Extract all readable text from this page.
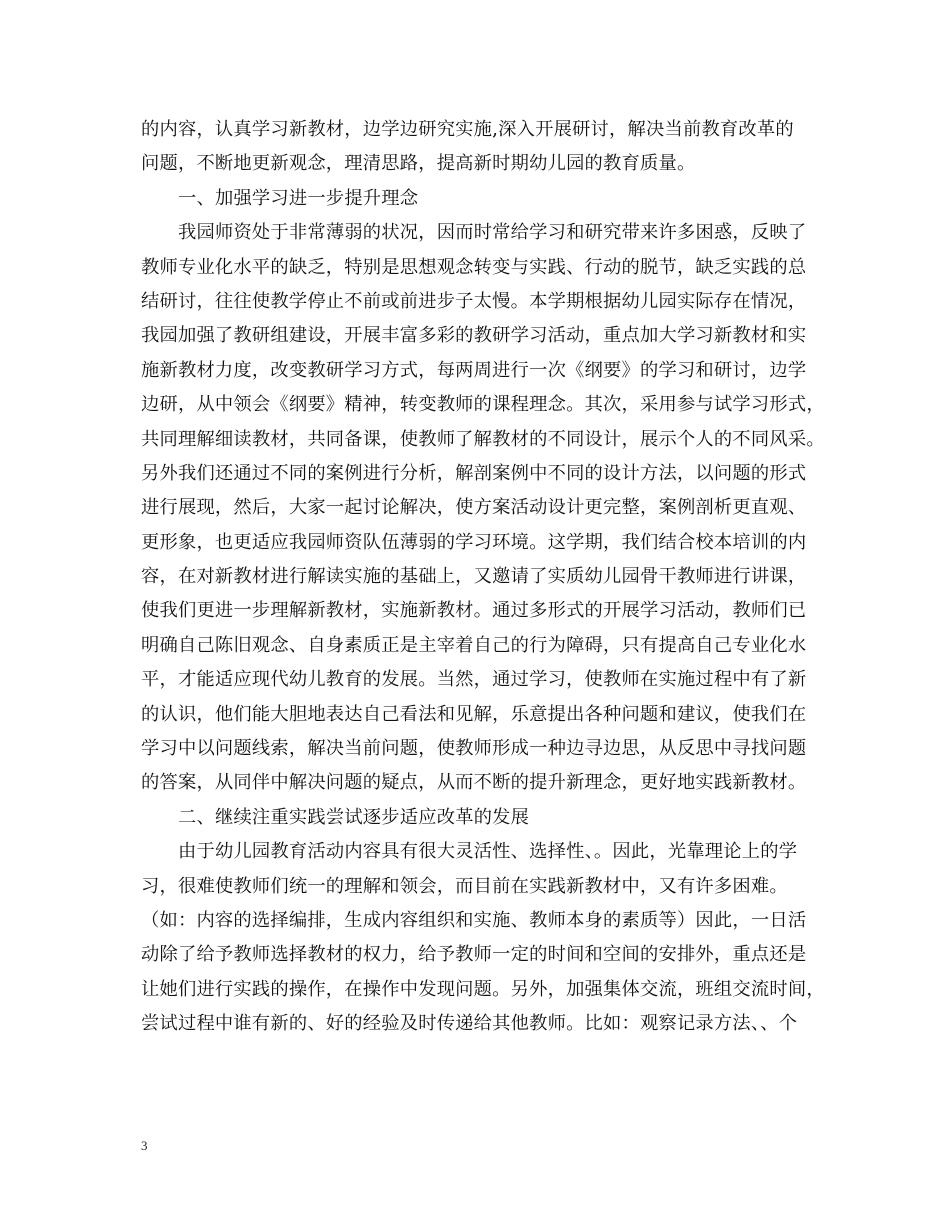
的内容，认真学习新教材，边学边研究实施,深入开展研讨，解决当前教育改革的
问题，不断地更新观念，理清思路，提高新时期幼儿园的教育质量。
一、加强学习进一步提升理念
我园师资处于非常薄弱的状况，因而时常给学习和研究带来许多困惑，反映了
教师专业化水平的缺乏，特别是思想观念转变与实践、行动的脱节，缺乏实践的总
结研讨，往往使教学停止不前或前进步子太慢。本学期根据幼儿园实际存在情况，
我园加强了教研组建设，开展丰富多彩的教研学习活动，重点加大学习新教材和实
施新教材力度，改变教研学习方式，每两周进行一次《纲要》的学习和研讨，边学
边研，从中领会《纲要》精神，转变教师的课程理念。其次，采用参与试学习形式，
共同理解细读教材，共同备课，使教师了解教材的不同设计，展示个人的不同风采。
另外我们还通过不同的案例进行分析，解剖案例中不同的设计方法，以问题的形式
进行展现，然后，大家一起讨论解决，使方案活动设计更完整，案例剖析更直观、
更形象，也更适应我园师资队伍薄弱的学习环境。这学期，我们结合校本培训的内
容，在对新教材进行解读实施的基础上，又邀请了实质幼儿园骨干教师进行讲课，
使我们更进一步理解新教材，实施新教材。通过多形式的开展学习活动，教师们已
明确自己陈旧观念、自身素质正是主宰着自己的行为障碍，只有提高自己专业化水
平，才能适应现代幼儿教育的发展。当然，通过学习，使教师在实施过程中有了新
的认识，他们能大胆地表达自己看法和见解，乐意提出各种问题和建议，使我们在
学习中以问题线索，解决当前问题，使教师形成一种边寻边思，从反思中寻找问题
的答案，从同伴中解决问题的疑点，从而不断的提升新理念，更好地实践新教材。
二、继续注重实践尝试逐步适应改革的发展
由于幼儿园教育活动内容具有很大灵活性、选择性、。因此，光靠理论上的学
习，很难使教师们统一的理解和领会，而目前在实践新教材中，又有许多困难。
（如：内容的选择编排，生成内容组织和实施、教师本身的素质等）因此，一日活
动除了给予教师选择教材的权力，给予教师一定的时间和空间的安排外，重点还是
让她们进行实践的操作，在操作中发现问题。另外，加强集体交流，班组交流时间，
尝试过程中谁有新的、好的经验及时传递给其他教师。比如：观察记录方法、、个
3
